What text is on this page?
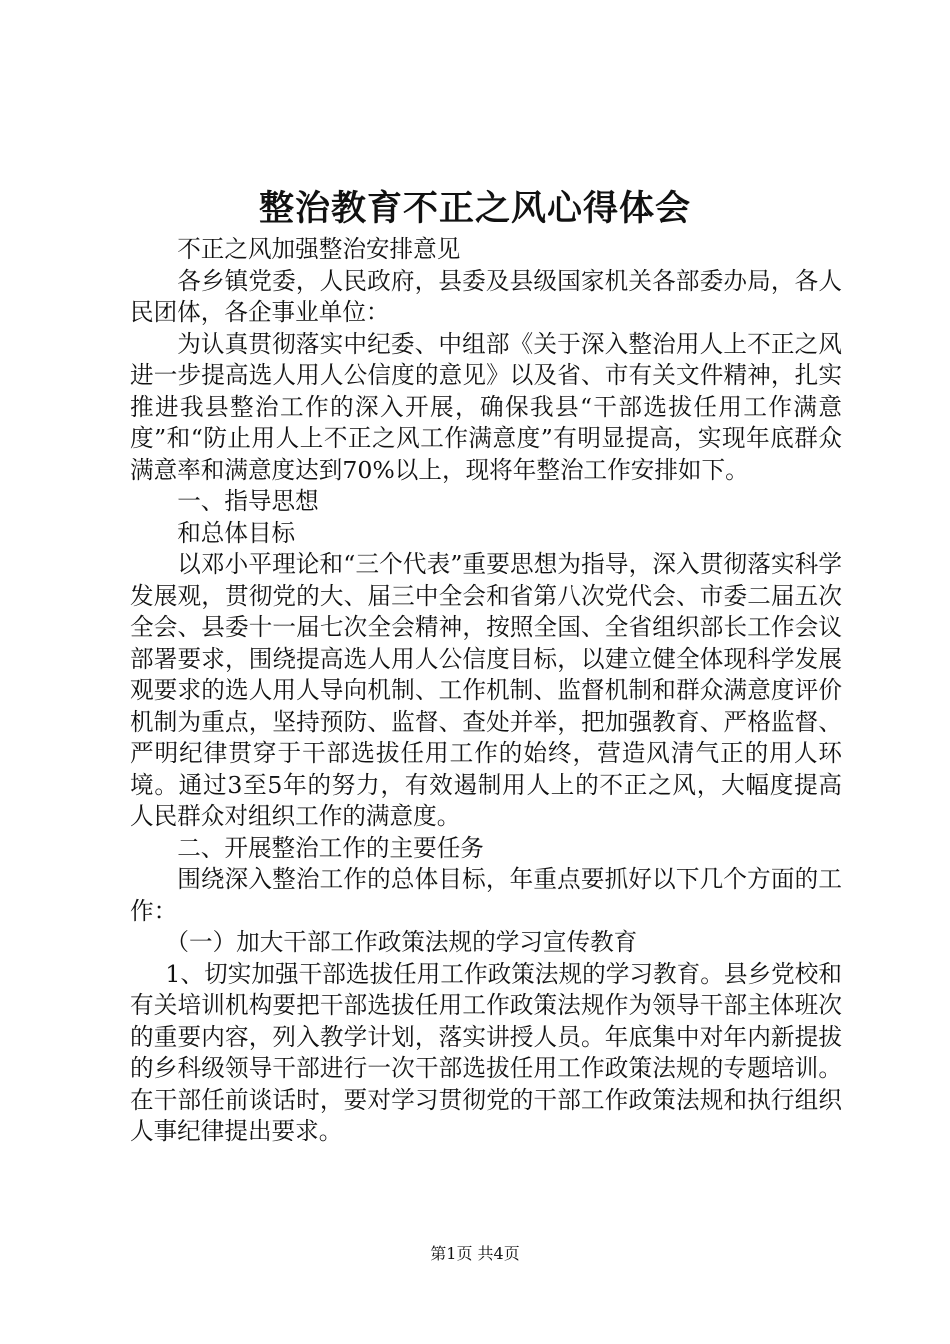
整治教育不正之风心得体会

不正之风加强整治安排意见

各乡镇党委，人民政府，县委及县级国家机关各部委办局，各人民团体，各企事业单位：

为认真贯彻落实中纪委、中组部《关于深入整治用人上不正之风进一步提高选人用人公信度的意见》以及省、市有关文件精神，扎实推进我县整治工作的深入开展，确保我县“干部选拔任用工作满意度”和“防止用人上不正之风工作满意度”有明显提高，实现年底群众满意率和满意度达到70%以上，现将年整治工作安排如下。

一、指导思想

和总体目标

以邓小平理论和“三个代表”重要思想为指导，深入贯彻落实科学发展观，贯彻党的大、届三中全会和省第八次党代会、市委二届五次全会、县委十一届七次全会精神，按照全国、全省组织部长工作会议部署要求，围绕提高选人用人公信度目标，以建立健全体现科学发展观要求的选人用人导向机制、工作机制、监督机制和群众满意度评价机制为重点，坚持预防、监督、查处并举，把加强教育、严格监督、严明纪律贯穿于干部选拔任用工作的始终，营造风清气正的用人环境。通过3至5年的努力，有效遏制用人上的不正之风，大幅度提高人民群众对组织工作的满意度。

二、开展整治工作的主要任务

围绕深入整治工作的总体目标，年重点要抓好以下几个方面的工作：

（一）加大干部工作政策法规的学习宣传教育

1、切实加强干部选拔任用工作政策法规的学习教育。县乡党校和有关培训机构要把干部选拔任用工作政策法规作为领导干部主体班次的重要内容，列入教学计划，落实讲授人员。年底集中对年内新提拔的乡科级领导干部进行一次干部选拔任用工作政策法规的专题培训。在干部任前谈话时，要对学习贯彻党的干部工作政策法规和执行组织人事纪律提出要求。

第1页 共4页
